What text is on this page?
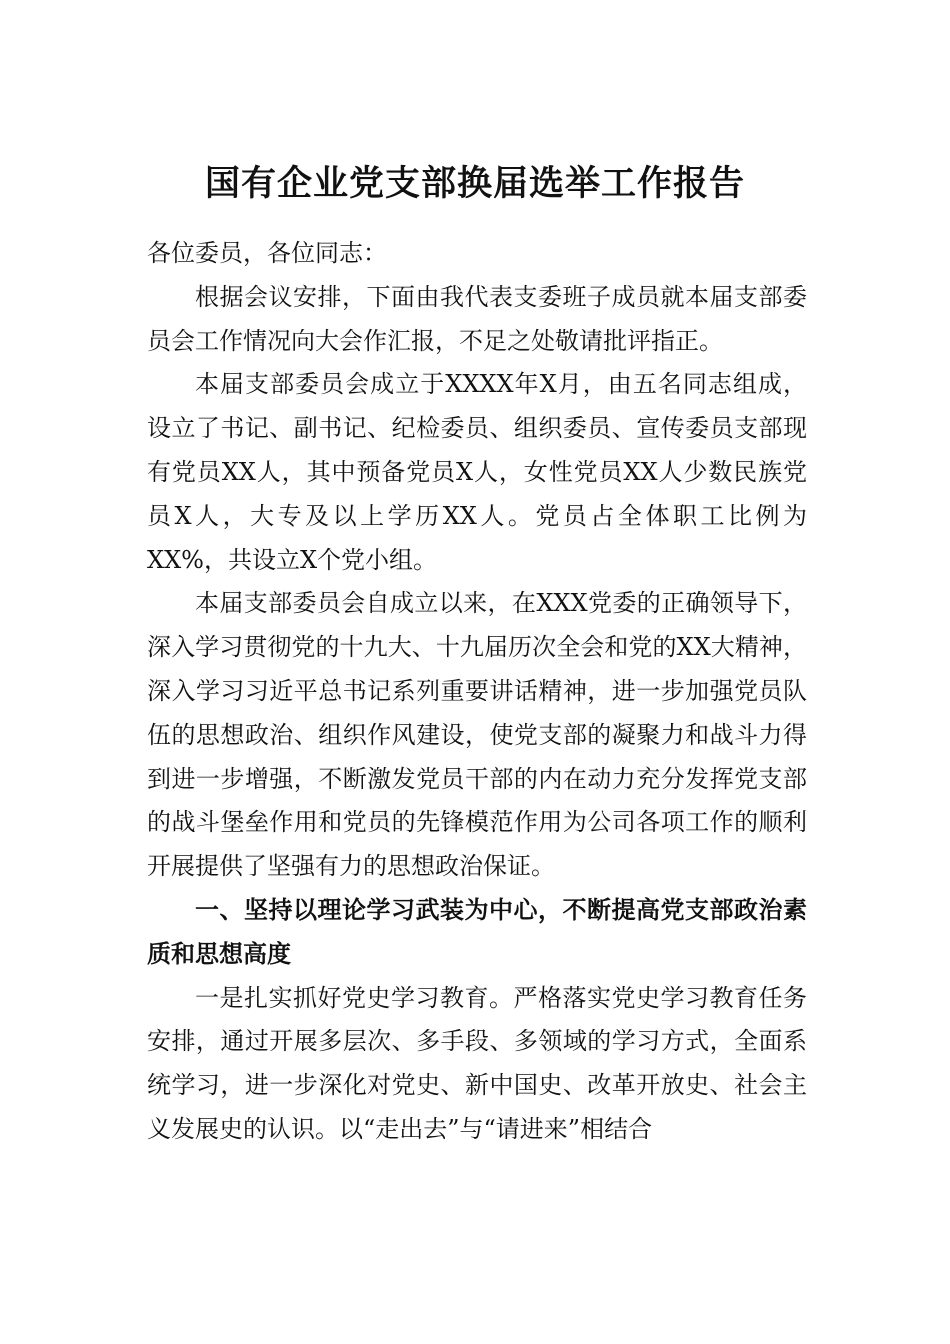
国有企业党支部换届选举工作报告

各位委员，各位同志：

根据会议安排，下面由我代表支委班子成员就本届支部委员会工作情况向大会作汇报，不足之处敬请批评指正。

本届支部委员会成立于XXXX年X月，由五名同志组成，设立了书记、副书记、纪检委员、组织委员、宣传委员支部现有党员XX人，其中预备党员X人，女性党员XX人少数民族党员X人，大专及以上学历XX人。党员占全体职工比例为XX%，共设立X个党小组。

本届支部委员会自成立以来，在XXX党委的正确领导下，深入学习贯彻党的十九大、十九届历次全会和党的XX大精神，深入学习习近平总书记系列重要讲话精神，进一步加强党员队伍的思想政治、组织作风建设，使党支部的凝聚力和战斗力得到进一步增强，不断激发党员干部的内在动力充分发挥党支部的战斗堡垒作用和党员的先锋模范作用为公司各项工作的顺利开展提供了坚强有力的思想政治保证。

一、坚持以理论学习武装为中心，不断提高党支部政治素质和思想高度

一是扎实抓好党史学习教育。严格落实党史学习教育任务安排，通过开展多层次、多手段、多领域的学习方式，全面系统学习，进一步深化对党史、新中国史、改革开放史、社会主义发展史的认识。以“走出去”与“请进来”相结合
